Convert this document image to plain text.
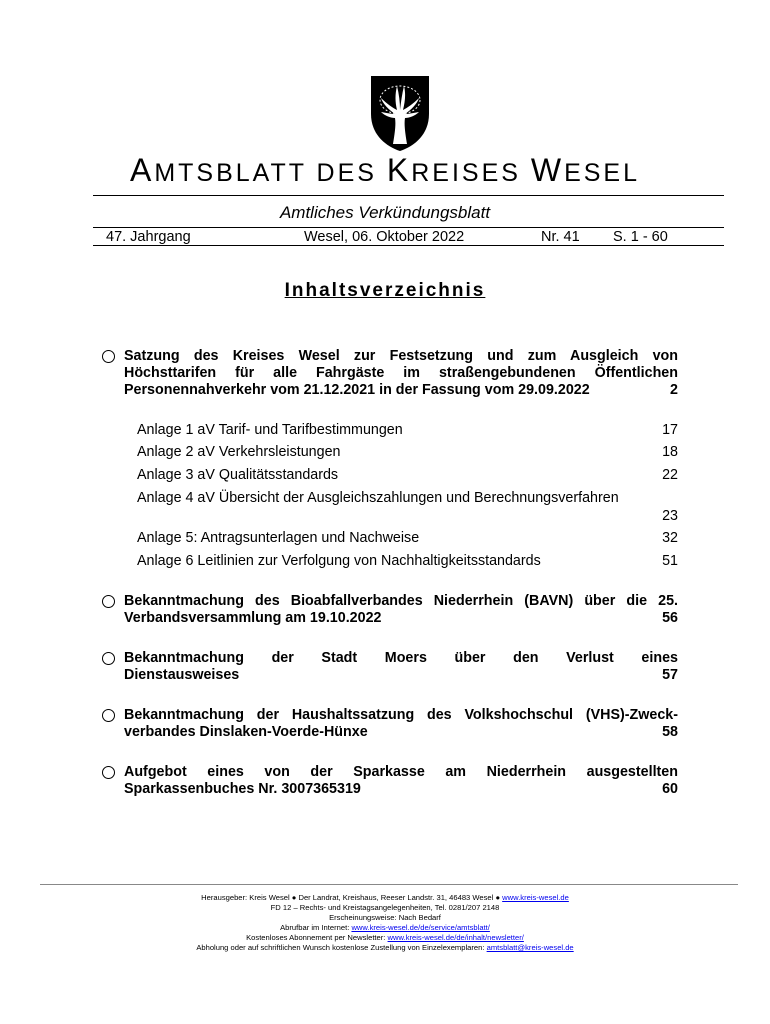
AMTSBLATT DES KREISES WESEL
Amtliches Verkündungsblatt
47. Jahrgang	Wesel, 06. Oktober 2022	Nr. 41 S. 1 - 60
Inhaltsverzeichnis
Satzung des Kreises Wesel zur Festsetzung und zum Ausgleich von
Höchsttarifen für alle Fahrgäste im straßengebundenen Öffentlichen
Personennahverkehr vom 21.12.2021 in der Fassung vom 29.09.2022	2
Anlage 1 aV Tarif- und Tarifbestimmungen	17
Anlage 2 aV Verkehrsleistungen	18
Anlage 3 aV Qualitätsstandards	22
Anlage 4 aV Übersicht der Ausgleichszahlungen und Berechnungsverfahren
23
Anlage 5: Antragsunterlagen und Nachweise	32
Anlage 6 Leitlinien zur Verfolgung von Nachhaltigkeitsstandards	51
Bekanntmachung des Bioabfallverbandes Niederrhein (BAVN) über die 25.
Verbandsversammlung am 19.10.2022	56
Bekanntmachung der Stadt Moers über den Verlust eines
Dienstausweises	57
Bekanntmachung der Haushaltssatzung des Volkshochschul (VHS)-Zweck-
verbandes Dinslaken-Voerde-Hünxe	58
Aufgebot eines von der Sparkasse am Niederrhein ausgestellten
Sparkassenbuches Nr. 3007365319	60
Herausgeber: Kreis Wesel ● Der Landrat, Kreishaus, Reeser Landstr. 31, 46483 Wesel ● www.kreis-wesel.de
FD 12 – Rechts- und Kreistagsangelegenheiten, Tel. 0281/207 2148
Erscheinungsweise: Nach Bedarf
Abrufbar im Internet: www.kreis-wesel.de/de/service/amtsblatt/
Kostenloses Abonnement per Newsletter: www.kreis-wesel.de/de/inhalt/newsletter/
Abholung oder auf schriftlichen Wunsch kostenlose Zustellung von Einzelexemplaren: amtsblatt@kreis-wesel.de
